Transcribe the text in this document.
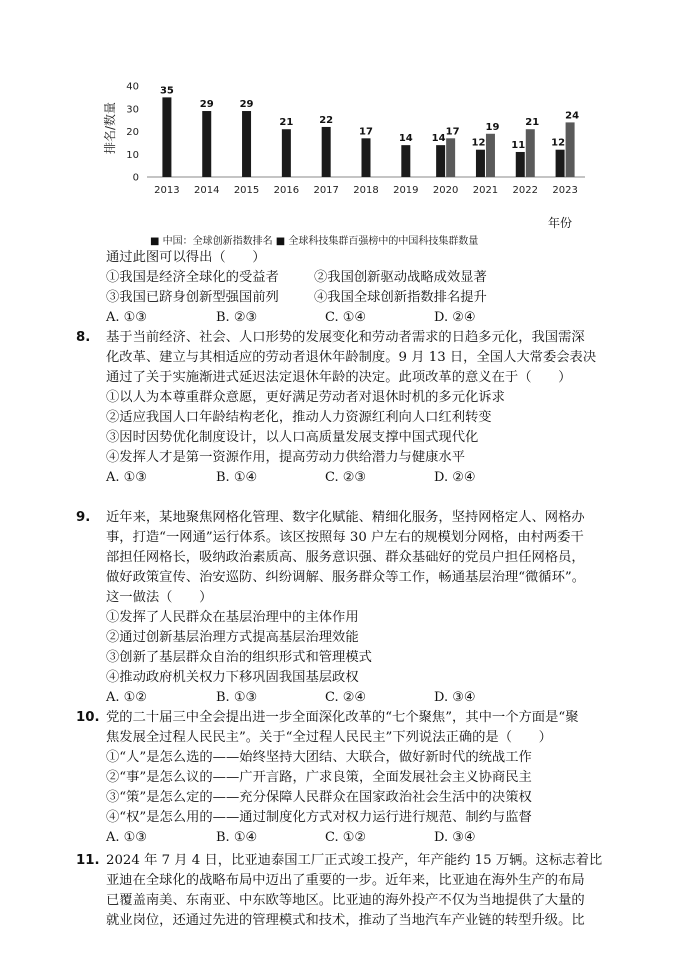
0
10
20
30
40
2013 2014 2015 2016 2017 2018 2019 2020 2021 2022 2023
35
29	29
21	22
17
14 14
17
12
19
11
21
12
24
排名/数量
■ 中国：全球创新指数排名 ■ 全球科技集群百强榜中的中国科技集群数量
年份
通过此图可以得出（　　）
①我国是经济全球化的受益者	②我国创新驱动战略成效显著
③我国已跻身创新型强国前列	④我国全球创新指数排名提升
A. ①③	B. ②③	C. ①④	D. ②④
8. 基于当前经济、社会、人口形势的发展变化和劳动者需求的日趋多元化，我国需深
化改革、建立与其相适应的劳动者退休年龄制度。9 月 13 日，全国人大常委会表决
通过了关于实施渐进式延迟法定退休年龄的决定。此项改革的意义在于（　　）
①以人为本尊重群众意愿，更好满足劳动者对退休时机的多元化诉求
②适应我国人口年龄结构老化，推动人力资源红利向人口红利转变
③因时因势优化制度设计，以人口高质量发展支撑中国式现代化
④发挥人才是第一资源作用，提高劳动力供给潜力与健康水平
A. ①③	B. ①④	C. ②③	D. ②④
9. 近年来，某地聚焦网格化管理、数字化赋能、精细化服务，坚持网格定人、网格办
事，打造“一网通”运行体系。该区按照每 30 户左右的规模划分网格，由村两委干
部担任网格长，吸纳政治素质高、服务意识强、群众基础好的党员户担任网格员，
做好政策宣传、治安巡防、纠纷调解、服务群众等工作，畅通基层治理“微循环”。
这一做法（　　）
①发挥了人民群众在基层治理中的主体作用
②通过创新基层治理方式提高基层治理效能
③创新了基层群众自治的组织形式和管理模式
④推动政府机关权力下移巩固我国基层政权
A. ①②	B. ①③	C. ②④	D. ③④
10. 党的二十届三中全会提出进一步全面深化改革的“七个聚焦”，其中一个方面是“聚
焦发展全过程人民民主”。关于“全过程人民民主”下列说法正确的是（　　）
①“人”是怎么选的——始终坚持大团结、大联合，做好新时代的统战工作
②“事”是怎么议的——广开言路，广求良策，全面发展社会主义协商民主
③“策”是怎么定的——充分保障人民群众在国家政治社会生活中的决策权
④“权”是怎么用的——通过制度化方式对权力运行进行规范、制约与监督
A. ①③	B. ①④	C. ①②	D. ③④
11. 2024 年 7 月 4 日，比亚迪泰国工厂正式竣工投产，年产能约 15 万辆。这标志着比
亚迪在全球化的战略布局中迈出了重要的一步。近年来，比亚迪在海外生产的布局
已覆盖南美、东南亚、中东欧等地区。比亚迪的海外投产不仅为当地提供了大量的
就业岗位，还通过先进的管理模式和技术，推动了当地汽车产业链的转型升级。比
